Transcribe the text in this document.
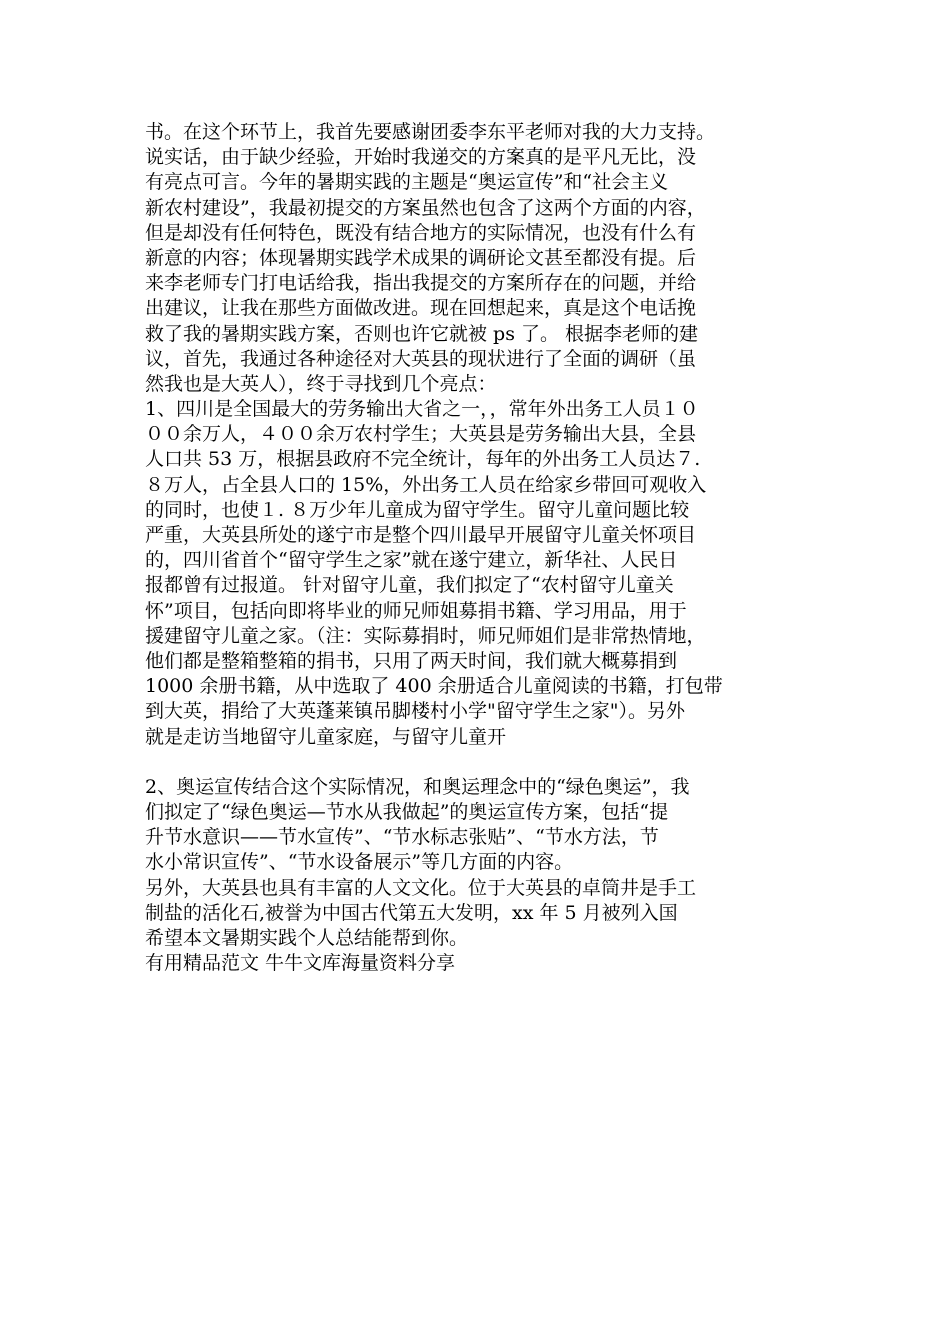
书。在这个环节上，我首先要感谢团委李东平老师对我的大力支持。
说实话，由于缺少经验，开始时我递交的方案真的是平凡无比，没
有亮点可言。今年的暑期实践的主题是“奥运宣传”和“社会主义
新农村建设”，我最初提交的方案虽然也包含了这两个方面的内容，
但是却没有任何特色，既没有结合地方的实际情况，也没有什么有
新意的内容；体现暑期实践学术成果的调研论文甚至都没有提。后
来李老师专门打电话给我，指出我提交的方案所存在的问题，并给
出建议，让我在那些方面做改进。现在回想起来，真是这个电话挽
救了我的暑期实践方案，否则也许它就被 ps 了。 根据李老师的建
议，首先，我通过各种途径对大英县的现状进行了全面的调研（虽
然我也是大英人），终于寻找到几个亮点：
1、四川是全国最大的劳务输出大省之一，，常年外出务工人员１０
００余万人，４００余万农村学生；大英县是劳务输出大县，全县
人口共 53 万，根据县政府不完全统计，每年的外出务工人员达７.
８万人，占全县人口的 15%，外出务工人员在给家乡带回可观收入
的同时，也使１. ８万少年儿童成为留守学生。留守儿童问题比较
严重，大英县所处的遂宁市是整个四川最早开展留守儿童关怀项目
的，四川省首个“留守学生之家”就在遂宁建立，新华社、人民日
报都曾有过报道。 针对留守儿童，我们拟定了“农村留守儿童关
怀”项目，包括向即将毕业的师兄师姐募捐书籍、学习用品，用于
援建留守儿童之家。（注：实际募捐时，师兄师姐们是非常热情地，
他们都是整箱整箱的捐书，只用了两天时间，我们就大概募捐到
1000 余册书籍，从中选取了 400 余册适合儿童阅读的书籍，打包带
到大英，捐给了大英蓬莱镇吊脚楼村小学"留守学生之家"）。另外
就是走访当地留守儿童家庭，与留守儿童开
2、奥运宣传结合这个实际情况，和奥运理念中的“绿色奥运”，我
们拟定了“绿色奥运—节水从我做起”的奥运宣传方案，包括“提
升节水意识——节水宣传”、“节水标志张贴”、“节水方法，节
水小常识宣传”、“节水设备展示”等几方面的内容。
另外，大英县也具有丰富的人文文化。位于大英县的卓筒井是手工
制盐的活化石,被誉为中国古代第五大发明，xx 年 5 月被列入国
希望本文暑期实践个人总结能帮到你。
有用精品范文 牛牛文库海量资料分享
